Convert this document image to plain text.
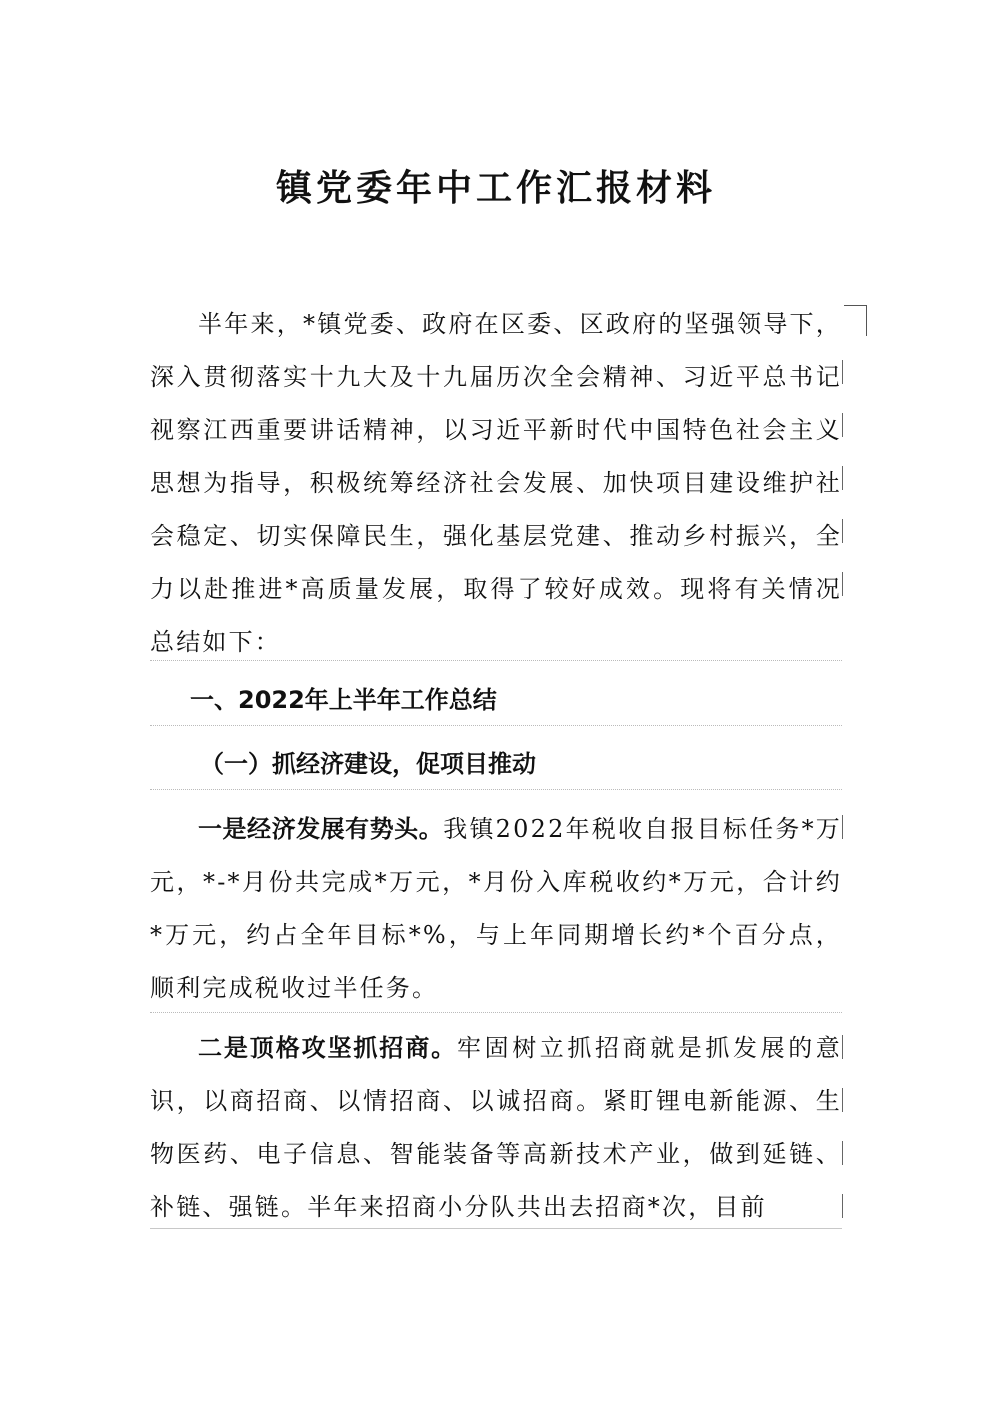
镇党委年中工作汇报材料

半年来，*镇党委、政府在区委、区政府的坚强领导下，深入贯彻落实十九大及十九届历次全会精神、习近平总书记视察江西重要讲话精神，以习近平新时代中国特色社会主义思想为指导，积极统筹经济社会发展、加快项目建设维护社会稳定、切实保障民生，强化基层党建、推动乡村振兴，全力以赴推进*高质量发展，取得了较好成效。现将有关情况总结如下：

一、2022年上半年工作总结
（一）抓经济建设，促项目推动

一是经济发展有势头。我镇2022年税收自报目标任务*万元，*-*月份共完成*万元，*月份入库税收约*万元，合计约*万元，约占全年目标*%，与上年同期增长约*个百分点，顺利完成税收过半任务。

二是顶格攻坚抓招商。牢固树立抓招商就是抓发展的意识，以商招商、以情招商、以诚招商。紧盯锂电新能源、生物医药、电子信息、智能装备等高新技术产业，做到延链、补链、强链。半年来招商小分队共出去招商*次，目前
